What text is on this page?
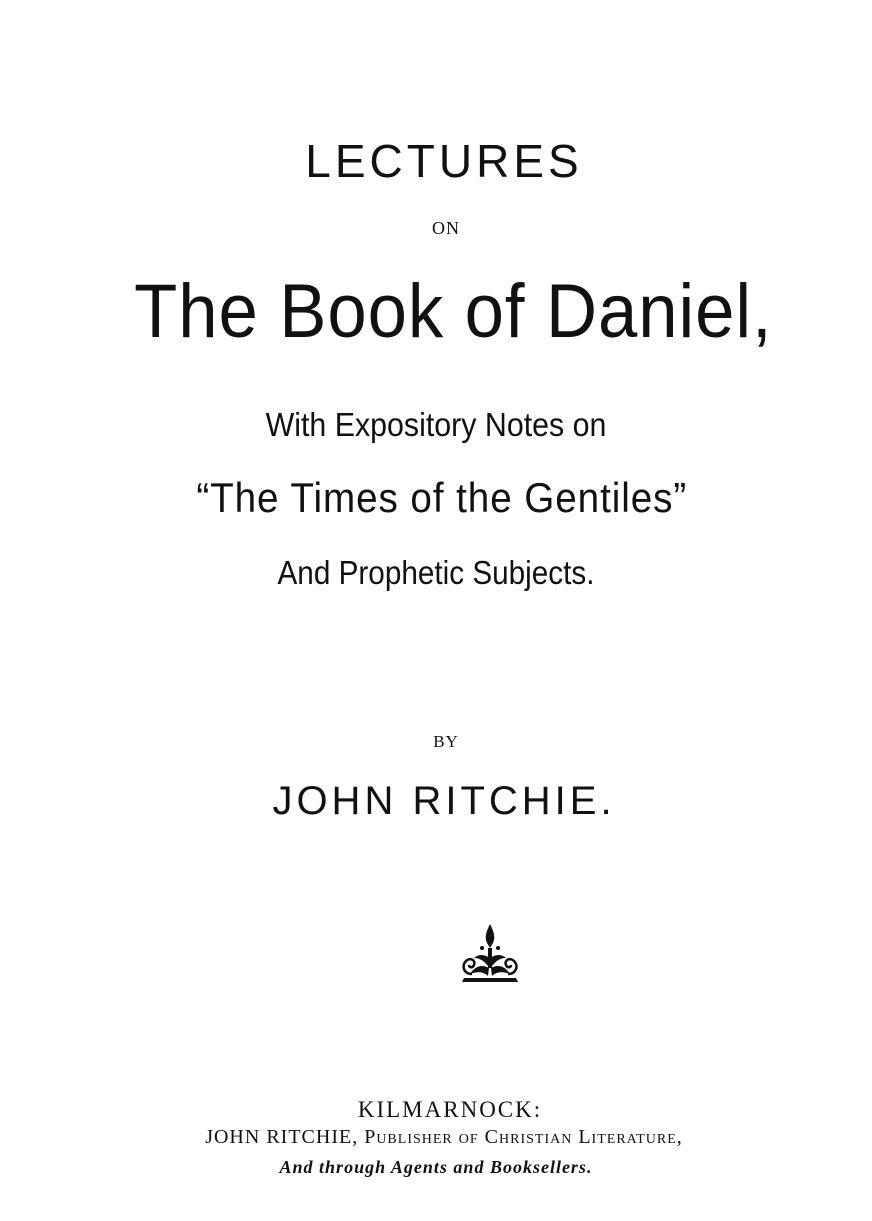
LECTURES
ON
The Book of Daniel,
With Expository Notes on
“The Times of the Gentiles”
And Prophetic Subjects.
BY
JOHN RITCHIE.
KILMARNOCK:
JOHN RITCHIE, Publisher of Christian Literature,
And through Agents and Booksellers.
